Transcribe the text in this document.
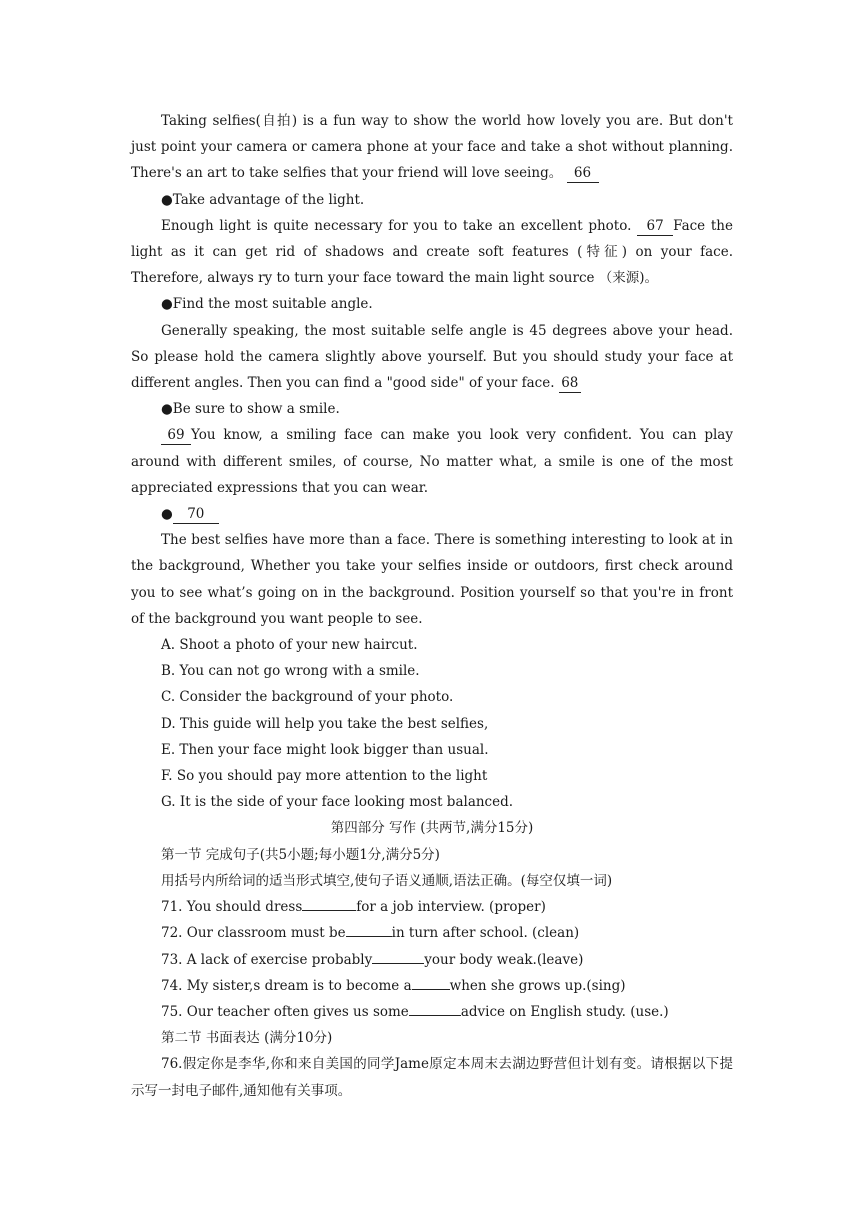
Taking selfies(自拍) is a fun way to show the world how lovely you are. But don't just point your camera or camera phone at your face and take a shot without planning. There's an art to take selfies that your friend will love seeing。 66

●Take advantage of the light.

Enough light is quite necessary for you to take an excellent photo. 67 Face the light as it can get rid of shadows and create soft features (特征) on your face. Therefore, always ry to turn your face toward the main light source （来源)。

●Find the most suitable angle.

Generally speaking, the most suitable selfe angle is 45 degrees above your head. So please hold the camera slightly above yourself. But you should study your face at different angles. Then you can find a "good side" of your face. 68

●Be sure to show a smile.

69 You know, a smiling face can make you look very confident. You can play around with different smiles, of course, No matter what, a smile is one of the most appreciated expressions that you can wear.

● 70

The best selfies have more than a face. There is something interesting to look at in the background, Whether you take your selfies inside or outdoors, first check around you to see what’s going on in the background. Position yourself so that you're in front of the background you want people to see.

A. Shoot a photo of your new haircut.

B. You can not go wrong with a smile.

C. Consider the background of your photo.

D. This guide will help you take the best selfies,

E. Then your face might look bigger than usual.

F. So you should pay more attention to the light

G. It is the side of your face looking most balanced.

第四部分 写作 (共两节,满分15分)

第一节 完成句子(共5小题;每小题1分,满分5分)

用括号内所给词的适当形式填空,使句子语义通顺,语法正确。(每空仅填一词)

71. You should dress	for a job interview. (proper)

72. Our classroom must be	in turn after school. (clean)

73. A lack of exercise probably	your body weak.(leave)

74. My sister,s dream is to become a	when she grows up.(sing)

75. Our teacher often gives us some	advice on English study. (use.)

第二节 书面表达 (满分10分)

76.假定你是李华,你和来自美国的同学Jame原定本周末去湖边野营但计划有变。请根据以下提示写一封电子邮件,通知他有关事项。
